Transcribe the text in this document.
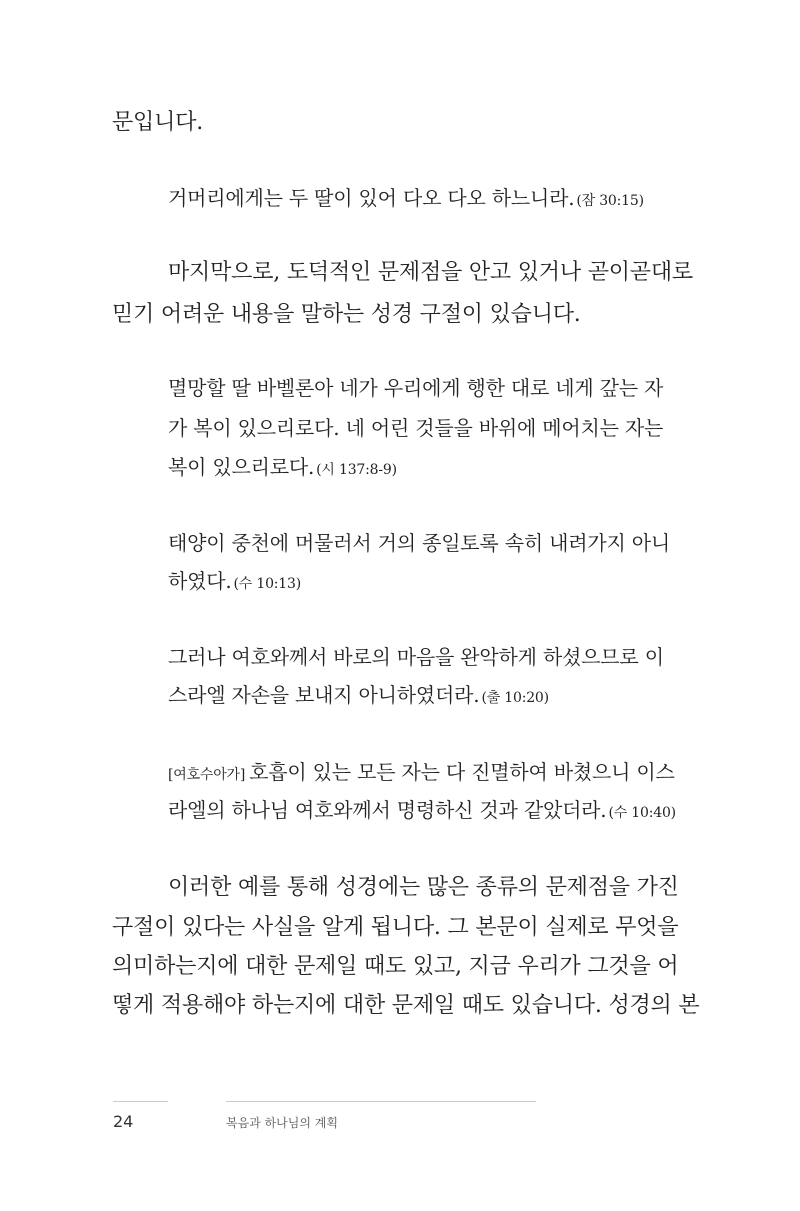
문입니다.
거머리에게는 두 딸이 있어 다오 다오 하느니라. (잠 30:15)
마지막으로, 도덕적인 문제점을 안고 있거나 곧이곧대로
믿기 어려운 내용을 말하는 성경 구절이 있습니다.
멸망할 딸 바벨론아 네가 우리에게 행한 대로 네게 갚는 자
가 복이 있으리로다. 네 어린 것들을 바위에 메어치는 자는
복이 있으리로다. (시 137:8-9)
태양이 중천에 머물러서 거의 종일토록 속히 내려가지 아니
하였다. (수 10:13)
그러나 여호와께서 바로의 마음을 완악하게 하셨으므로 이
스라엘 자손을 보내지 아니하였더라. (출 10:20)
[여호수아가] 호흡이 있는 모든 자는 다 진멸하여 바쳤으니 이스
라엘의 하나님 여호와께서 명령하신 것과 같았더라. (수 10:40)
이러한 예를 통해 성경에는 많은 종류의 문제점을 가진
구절이 있다는 사실을 알게 됩니다. 그 본문이 실제로 무엇을
의미하는지에 대한 문제일 때도 있고, 지금 우리가 그것을 어
떻게 적용해야 하는지에 대한 문제일 때도 있습니다. 성경의 본
24	복음과 하나님의 계획
